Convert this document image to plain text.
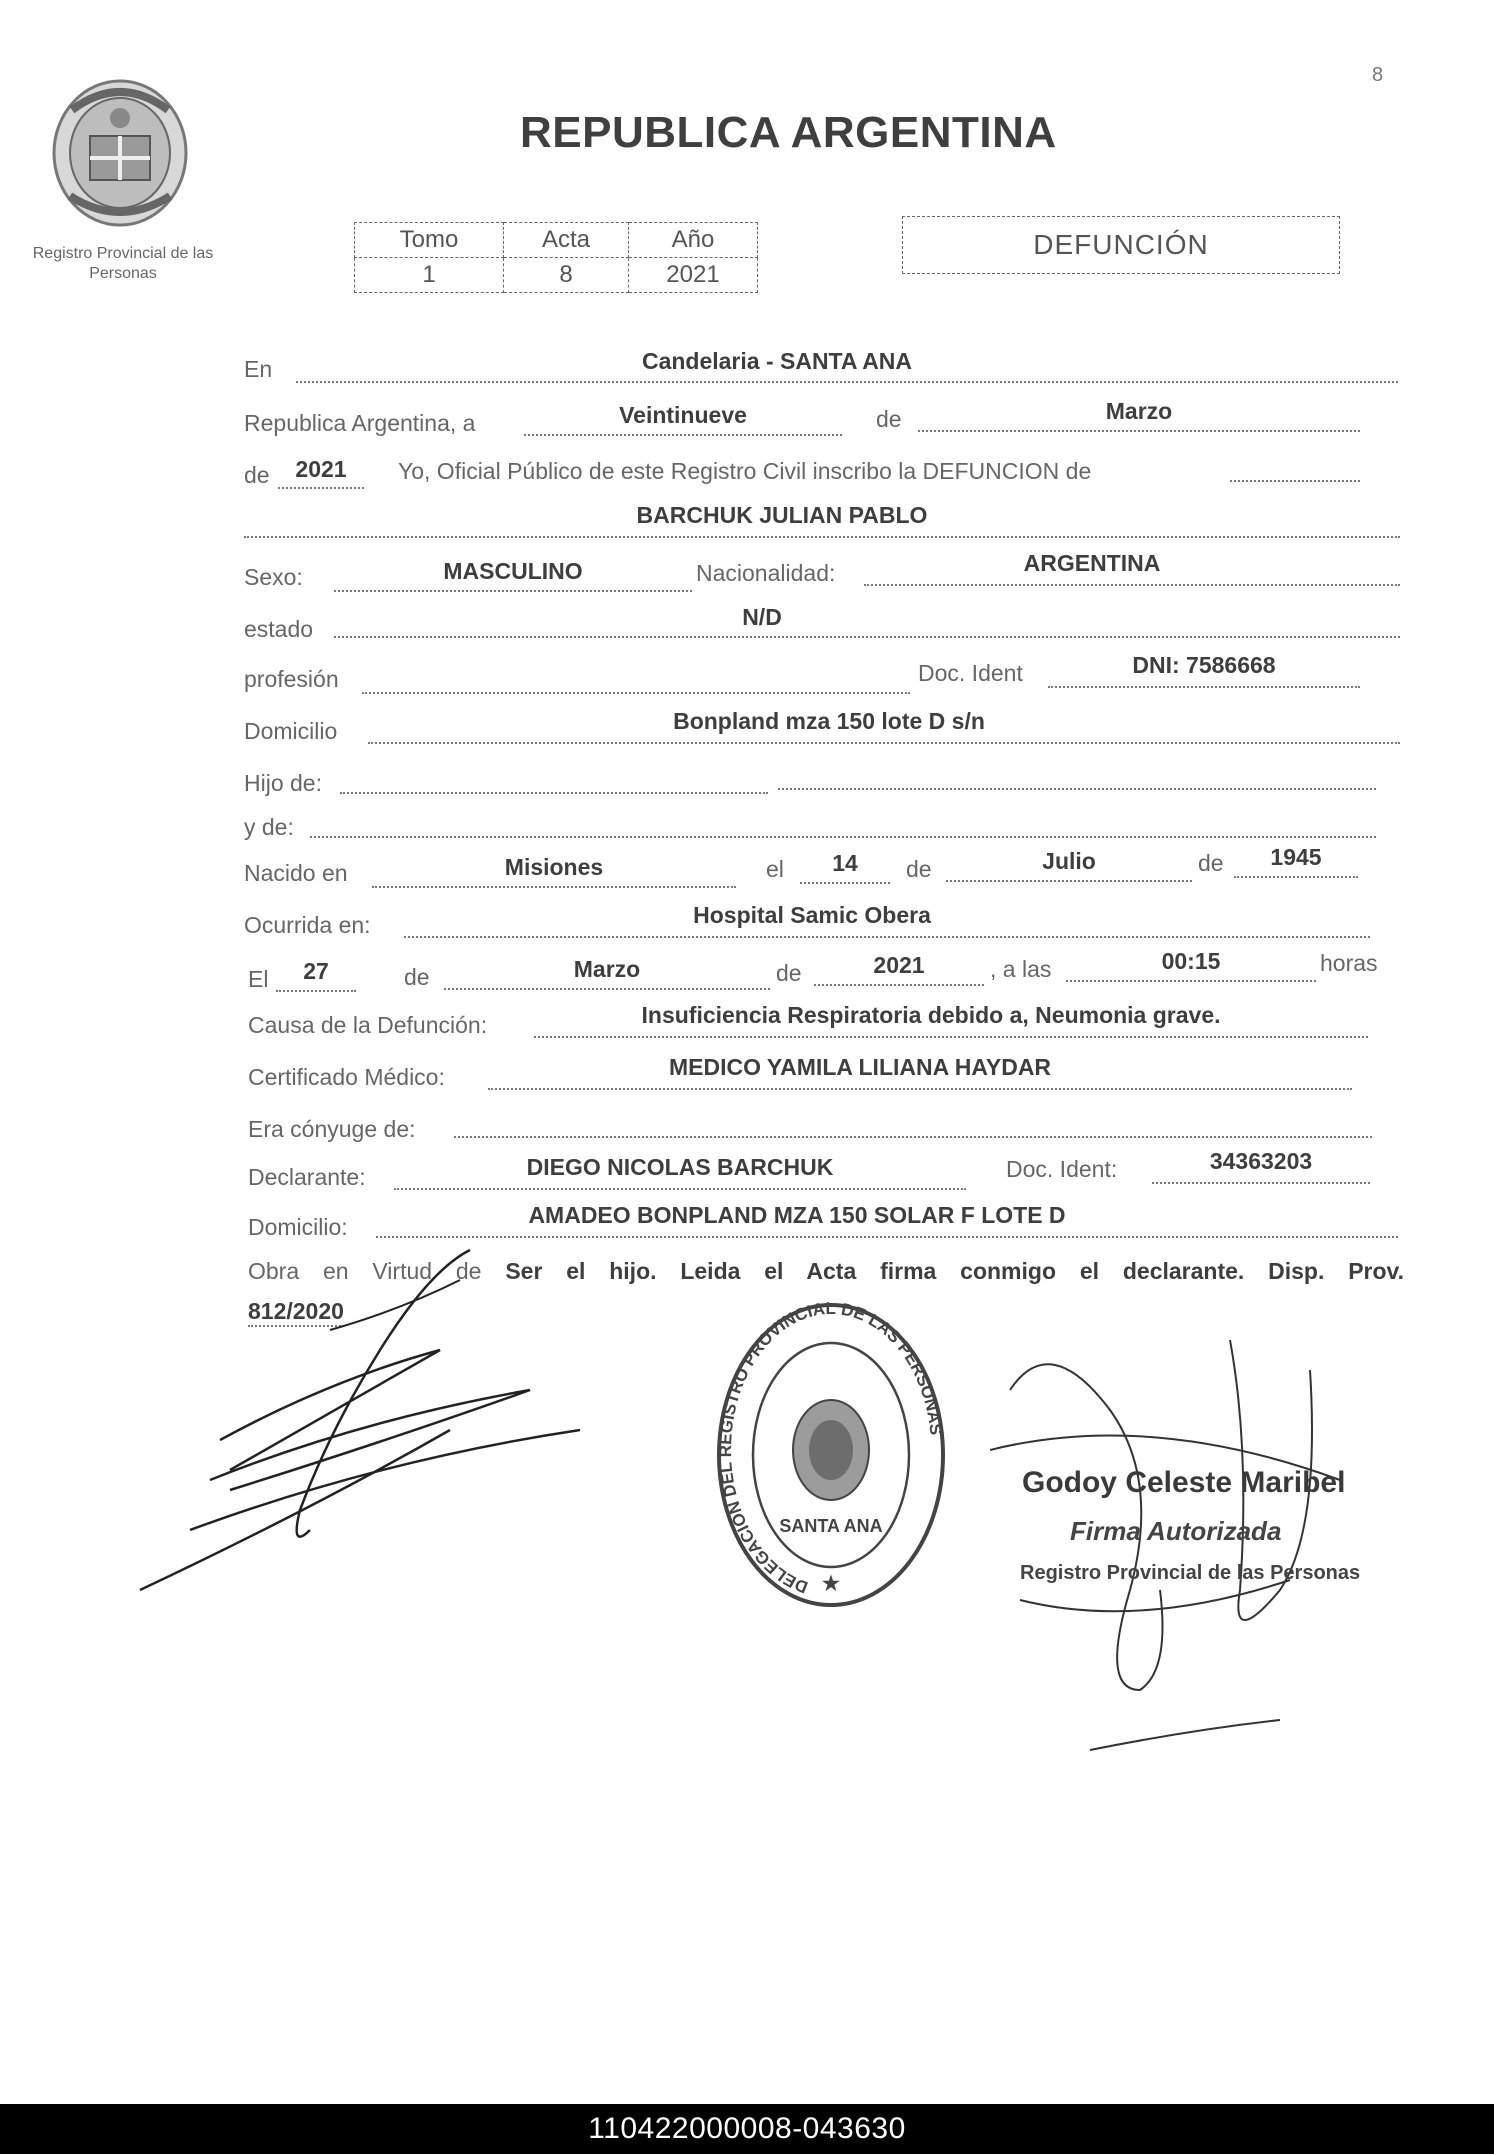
8
Registro Provincial de las Personas
REPUBLICA ARGENTINA
Tomo	Acta	Año
1	8	2021
DEFUNCIÓN
En	Candelaria - SANTA ANA
Republica Argentina, a	Veintinueve	de	Marzo
de	2021	Yo, Oficial Público de este Registro Civil inscribo la DEFUNCION de
BARCHUK JULIAN PABLO
Sexo:	MASCULINO	Nacionalidad:	ARGENTINA
estado	N/D
profesión	Doc. Ident	DNI: 7586668
Domicilio	Bonpland mza 150 lote D s/n
Hijo de:
y de:
Nacido en	Misiones	el	14	de	Julio	de	1945
Ocurrida en:	Hospital Samic Obera
El	27	de	Marzo	de	2021	, a las	00:15	horas
Causa de la Defunción:	Insuficiencia Respiratoria debido a, Neumonia grave.
Certificado Médico:	MEDICO YAMILA LILIANA HAYDAR
Era cónyuge de:
Declarante:	DIEGO NICOLAS BARCHUK	Doc. Ident:	34363203
Domicilio:	AMADEO BONPLAND MZA 150 SOLAR F LOTE D
Obra en Virtud de Ser el hijo. Leida el Acta firma conmigo el declarante. Disp. Prov.
812/2020
DELEGACION DEL REGISTRO PROVINCIAL DE LAS PERSONAS
SANTA ANA
★
Godoy Celeste Maribel
Firma Autorizada
Registro Provincial de las Personas
110422000008-043630
